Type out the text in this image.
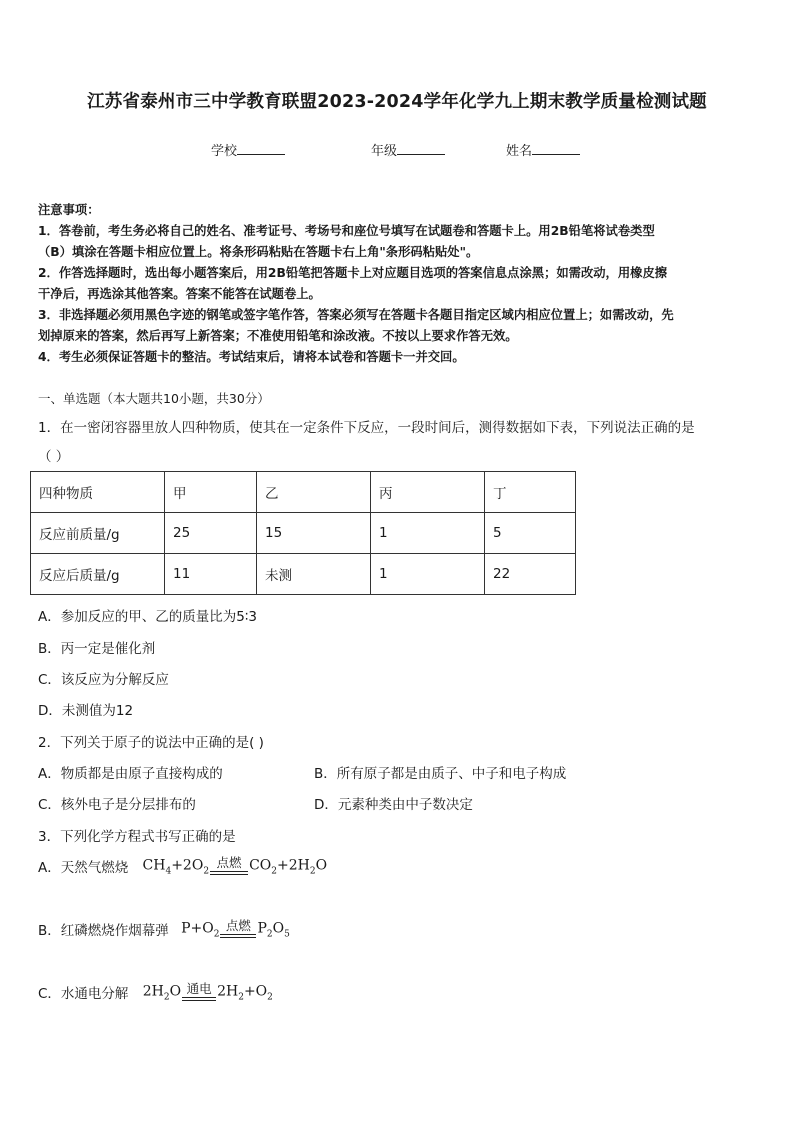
江苏省泰州市三中学教育联盟2023-2024学年化学九上期末教学质量检测试题
学校	年级	姓名
注意事项：
1．答卷前，考生务必将自己的姓名、准考证号、考场号和座位号填写在试题卷和答题卡上。用2B铅笔将试卷类型
（B）填涂在答题卡相应位置上。将条形码粘贴在答题卡右上角"条形码粘贴处"。
2．作答选择题时，选出每小题答案后，用2B铅笔把答题卡上对应题目选项的答案信息点涂黑；如需改动，用橡皮擦
干净后，再选涂其他答案。答案不能答在试题卷上。
3．非选择题必须用黑色字迹的钢笔或签字笔作答，答案必须写在答题卡各题目指定区域内相应位置上；如需改动，先
划掉原来的答案，然后再写上新答案；不准使用铅笔和涂改液。不按以上要求作答无效。
4．考生必须保证答题卡的整洁。考试结束后，请将本试卷和答题卡一并交回。
一、单选题（本大题共10小题，共30分）
1．在一密闭容器里放人四种物质，使其在一定条件下反应，一段时间后，测得数据如下表，下列说法正确的是
（ ）
四种物质	甲	乙	丙	丁
反应前质量/g	25	15	1	5
反应后质量/g	11	未测	1	22
A．参加反应的甲、乙的质量比为5∶3
B．丙一定是催化剂
C．该反应为分解反应
D．未测值为12
2．下列关于原子的说法中正确的是( )
A．物质都是由原子直接构成的	B．所有原子都是由质子、中子和电子构成
C．核外电子是分层排布的	D．元素种类由中子数决定
3．下列化学方程式书写正确的是
A．天然气燃烧 $CH_4+2O_2$
点燃 $CO_2+2H_2O$
B．红磷燃烧作烟幕弹 $P+O_2$
点燃 $P_2O_5$
C．水通电分解 $2H_2O$ 通电 $2H_2+O_2$
